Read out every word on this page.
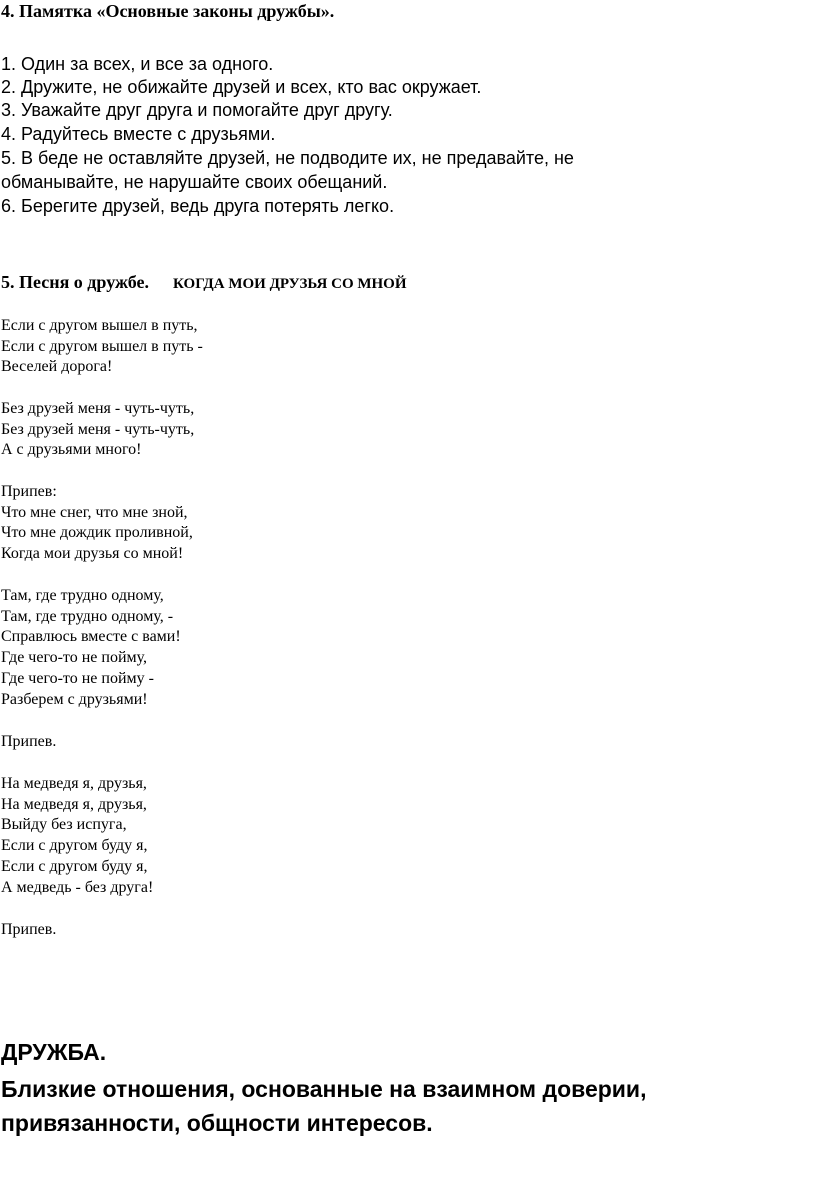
4. Памятка «Основные законы дружбы».
1. Один за всех, и все за одного.
2. Дружите, не обижайте друзей и всех, кто вас окружает.
3. Уважайте друг друга и помогайте друг другу.
4. Радуйтесь вместе с друзьями.
5. В беде не оставляйте друзей, не подводите их, не предавайте, не
обманывайте, не нарушайте своих обещаний.
6. Берегите друзей, ведь друга потерять легко.
5. Песня о дружбе. КОГДА МОИ ДРУЗЬЯ СО МНОЙ
Если с другом вышел в путь,
Если с другом вышел в путь -
Веселей дорога!
Без друзей меня - чуть-чуть,
Без друзей меня - чуть-чуть,
А с друзьями много!
Припев:
Что мне снег, что мне зной,
Что мне дождик проливной,
Когда мои друзья со мной!
Там, где трудно одному,
Там, где трудно одному, -
Справлюсь вместе с вами!
Где чего-то не пойму,
Где чего-то не пойму -
Разберем с друзьями!
Припев.
На медведя я, друзья,
На медведя я, друзья,
Выйду без испуга,
Если с другом буду я,
Если с другом буду я,
А медведь - без друга!
Припев.
ДРУЖБА.
Близкие отношения, основанные на взаимном доверии,
привязанности, общности интересов.
